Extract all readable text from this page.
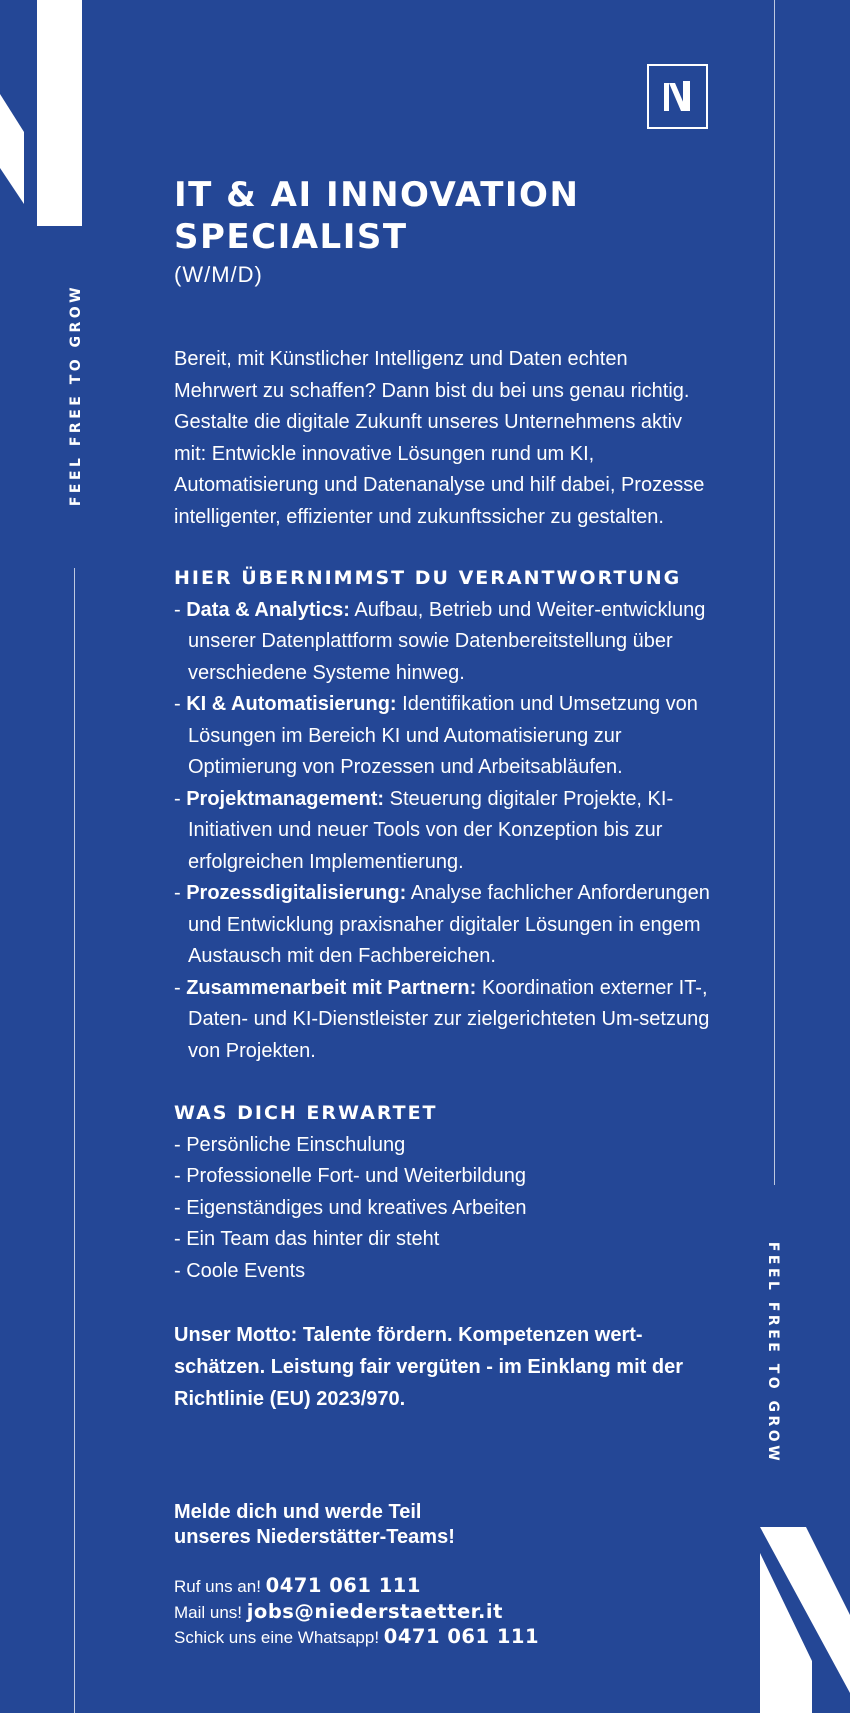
FEEL FREE TO GROW
FEEL FREE TO GROW
IT & AI INNOVATION
SPECIALIST
(W/M/D)

Bereit, mit Künstlicher Intelligenz und Daten echten Mehrwert zu schaffen? Dann bist du bei uns genau richtig. Gestalte die digitale Zukunft unseres Unternehmens aktiv mit: Entwickle innovative Lösungen rund um KI, Automatisierung und Datenanalyse und hilf dabei, Prozesse intelligenter, effizienter und zukunftssicher zu gestalten.

HIER ÜBERNIMMST DU VERANTWORTUNG
- Data & Analytics: Aufbau, Betrieb und Weiter-entwicklung unserer Datenplattform sowie Datenbereitstellung über verschiedene Systeme hinweg.
- KI & Automatisierung: Identifikation und Umsetzung von Lösungen im Bereich KI und Automatisierung zur Optimierung von Prozessen und Arbeitsabläufen.
- Projektmanagement: Steuerung digitaler Projekte, KI-Initiativen und neuer Tools von der Konzeption bis zur erfolgreichen Implementierung.
- Prozessdigitalisierung: Analyse fachlicher Anforderungen und Entwicklung praxisnaher digitaler Lösungen in engem Austausch mit den Fachbereichen.
- Zusammenarbeit mit Partnern: Koordination externer IT-, Daten- und KI-Dienstleister zur zielgerichteten Um-setzung von Projekten.
WAS DICH ERWARTET
- Persönliche Einschulung
- Professionelle Fort- und Weiterbildung
- Eigenständiges und kreatives Arbeiten
- Ein Team das hinter dir steht
- Coole Events

Unser Motto: Talente fördern. Kompetenzen wert-schätzen. Leistung fair vergüten - im Einklang mit der Richtlinie (EU) 2023/970.

Melde dich und werde Teil
unseres Niederstätter-Teams!
Ruf uns an! 0471 061 111
Mail uns! jobs@niederstaetter.it
Schick uns eine Whatsapp! 0471 061 111
